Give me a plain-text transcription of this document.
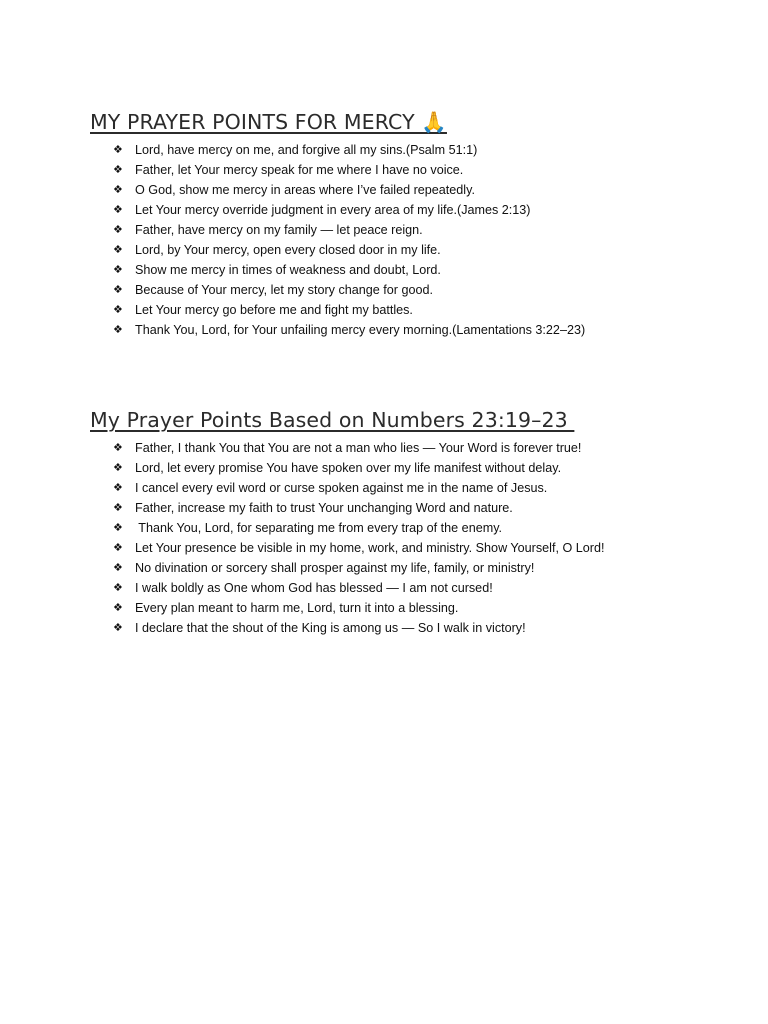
MY PRAYER POINTS FOR MERCY 🙏
❖ Lord, have mercy on me, and forgive all my sins.(Psalm 51:1)
❖ Father, let Your mercy speak for me where I have no voice.
❖ O God, show me mercy in areas where I’ve failed repeatedly.
❖ Let Your mercy override judgment in every area of my life.(James 2:13)
❖ Father, have mercy on my family — let peace reign.
❖ Lord, by Your mercy, open every closed door in my life.
❖ Show me mercy in times of weakness and doubt, Lord.
❖ Because of Your mercy, let my story change for good.
❖ Let Your mercy go before me and fight my battles.
❖ Thank You, Lord, for Your unfailing mercy every morning.(Lamentations 3:22–23)
My Prayer Points Based on Numbers 23:19–23
❖ Father, I thank You that You are not a man who lies — Your Word is forever true!
❖ Lord, let every promise You have spoken over my life manifest without delay.
❖ I cancel every evil word or curse spoken against me in the name of Jesus.
❖ Father, increase my faith to trust Your unchanging Word and nature.
❖ Thank You, Lord, for separating me from every trap of the enemy.
❖ Let Your presence be visible in my home, work, and ministry. Show Yourself, O Lord!
❖ No divination or sorcery shall prosper against my life, family, or ministry!
❖ I walk boldly as One whom God has blessed — I am not cursed!
❖ Every plan meant to harm me, Lord, turn it into a blessing.
❖ I declare that the shout of the King is among us — So I walk in victory!
